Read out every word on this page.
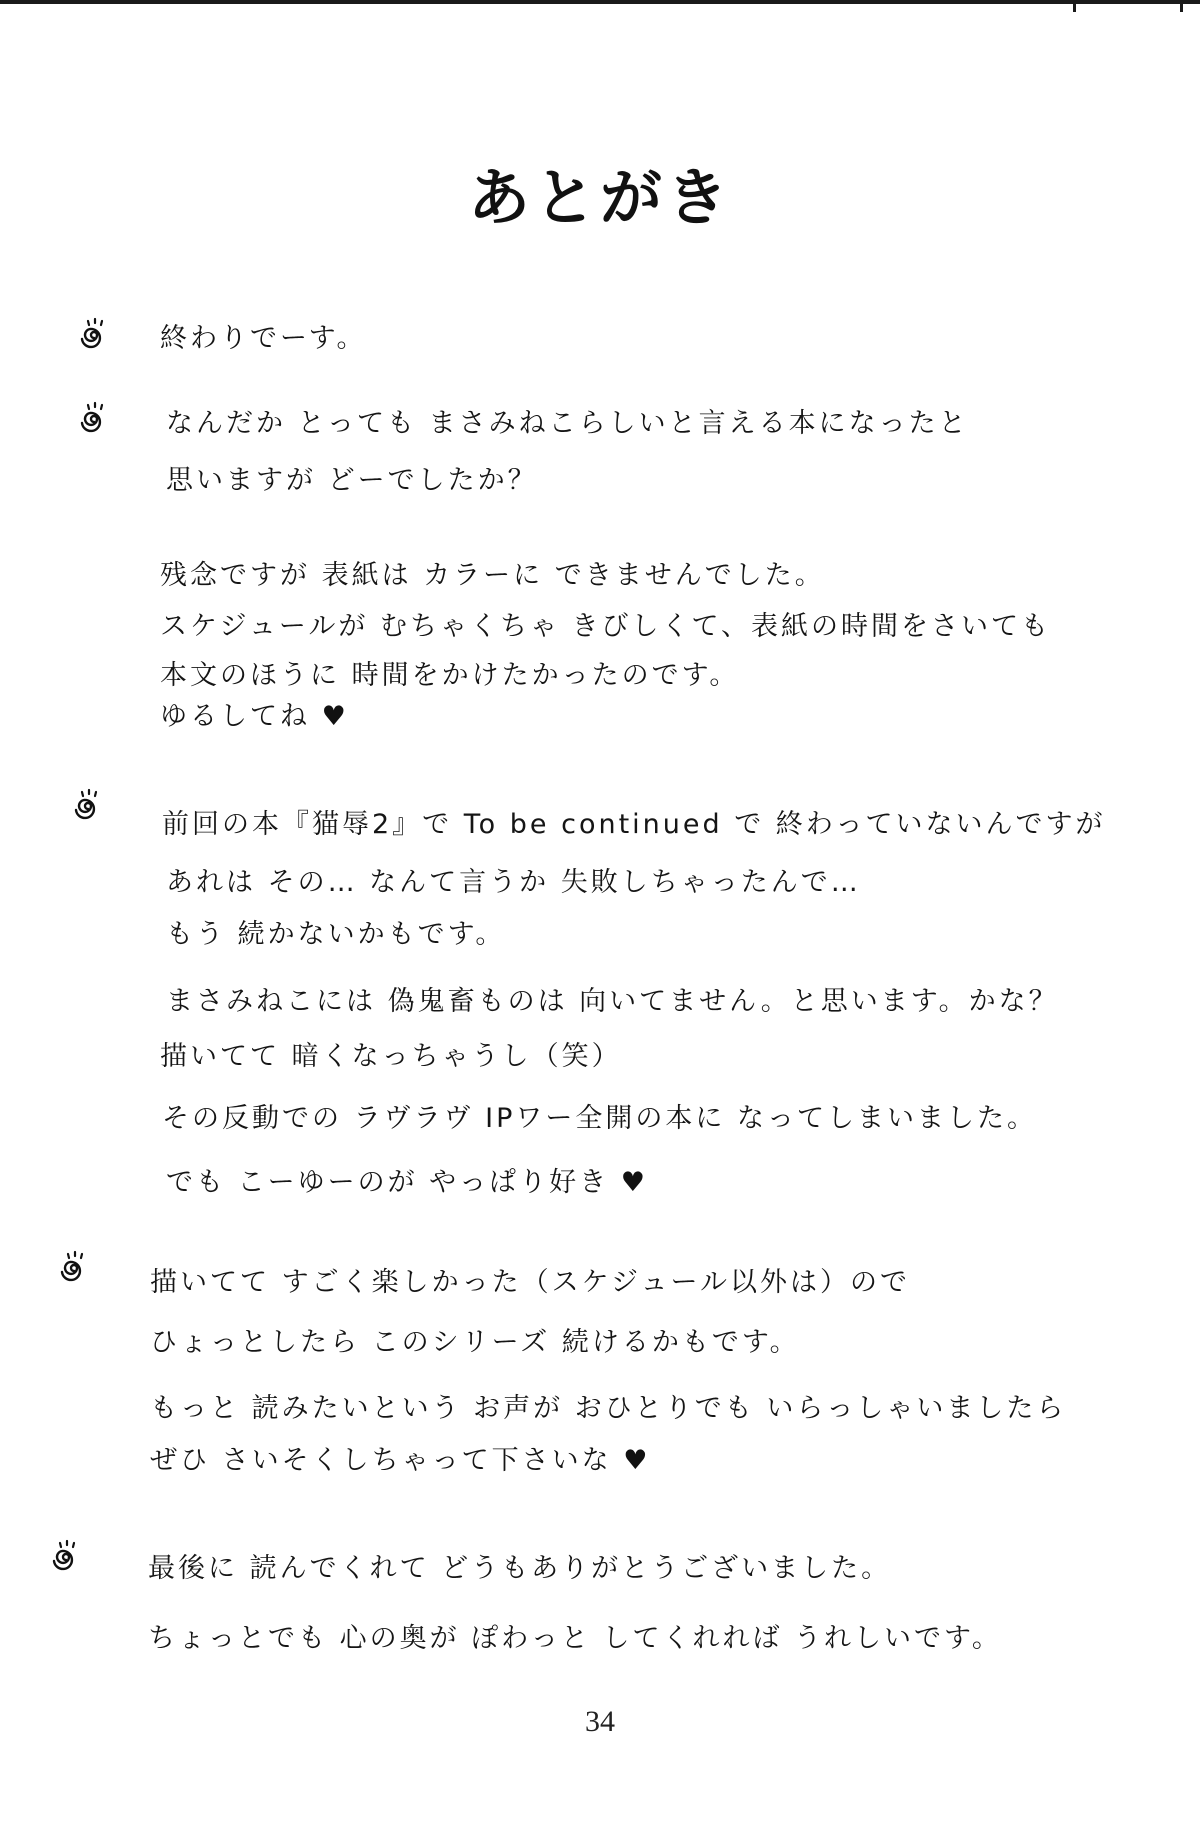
あとがき
終わりでーす。
なんだか とっても まさみねこらしいと言える本になったと
思いますが どーでしたか？
残念ですが 表紙は カラーに できませんでした。
スケジュールが むちゃくちゃ きびしくて、表紙の時間をさいても
本文のほうに 時間をかけたかったのです。
ゆるしてね ♥
前回の本『猫辱2』で To be continued で 終わっていないんですが
あれは その… なんて言うか 失敗しちゃったんで…
もう 続かないかもです。
まさみねこには 偽鬼畜ものは 向いてません。と思います。かな？
描いてて 暗くなっちゃうし（笑）
その反動での ラヴラヴ IPワー全開の本に なってしまいました。
でも こーゆーのが やっぱり好き ♥
描いてて すごく楽しかった（スケジュール以外は）ので
ひょっとしたら このシリーズ 続けるかもです。
もっと 読みたいという お声が おひとりでも いらっしゃいましたら
ぜひ さいそくしちゃって下さいな ♥
最後に 読んでくれて どうもありがとうございました。
ちょっとでも 心の奥が ぽわっと してくれれば うれしいです。
34
